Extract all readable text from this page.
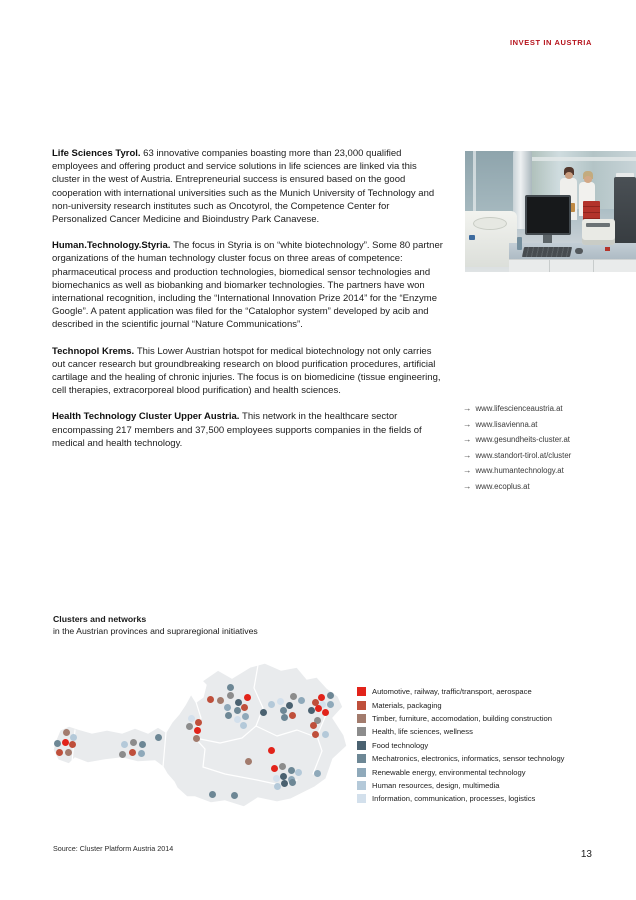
INVEST IN AUSTRIA

Life Sciences Tyrol. 63 innovative companies boasting more than 23,000 qualified employees and offering product and service solutions in life sciences are linked via this cluster in the west of Austria. Entrepreneurial success is ensured based on the good cooperation with international universities such as the Munich University of Technology and non-university research institutes such as Oncotyrol, the Competence Center for Personalized Cancer Medicine and Bioindustry Park Canavese.

Human.Technology.Styria. The focus in Styria is on “white biotechnology”. Some 80 partner organizations of the human technology cluster focus on three areas of competence: pharmaceutical process and production technologies, biomedical sensor technologies and biomechanics as well as biobanking and biomarker technologies. The partners have won international recognition, including the “International Innovation Prize 2014” for the “Enzyme Google”. A patent application was filed for the “Catalophor system” developed by acib and described in the scientific journal “Nature Communications”.

Technopol Krems. This Lower Austrian hotspot for medical biotechnology not only carries out cancer research but groundbreaking research on blood purification procedures, artificial cartilage and the healing of chronic injuries. The focus is on biomedicine (tissue engineering, cell therapies, extracorporeal blood purification) and health sciences.

Health Technology Cluster Upper Austria. This network in the healthcare sector encompassing 217 members and 37,500 employees supports companies in the fields of medical and health technology.

→ www.lifescienceaustria.at
→ www.lisavienna.at
→ www.gesundheits-cluster.at
→ www.standort-tirol.at/cluster
→ www.humantechnology.at
→ www.ecoplus.at
Clusters and networks
in the Austrian provinces and supraregional initiatives
Automotive, railway, traffic/transport, aerospace
Materials, packaging
Timber, furniture, accomodation, building construction
Health, life sciences, wellness
Food technology
Mechatronics, electronics, informatics, sensor technology
Renewable energy, environmental technology
Human resources, design, multimedia
Information, communication, processes, logistics
Source: Cluster Platform Austria 2014
13
